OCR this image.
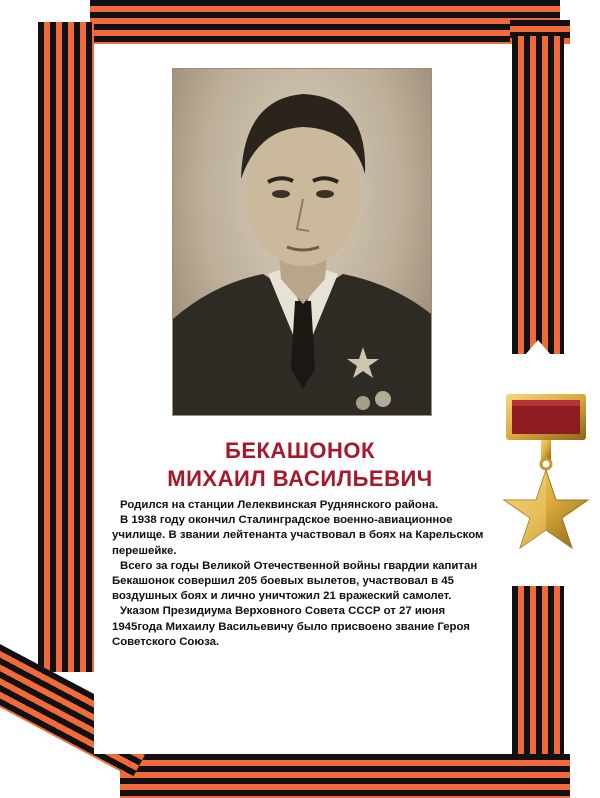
БЕКАШОНОК
МИХАИЛ ВАСИЛЬЕВИЧ

Родился на станции Лелеквинская Руднянского района.

В 1938 году окончил Сталинградское военно-авиационное училище. В звании лейтенанта участвовал в боях на Карельском перешейке.

Всего за годы Великой Отечественной войны гвардии капитан Бекашонок совершил 205 боевых вылетов, участвовал в 45 воздушных боях и лично уничтожил 21 вражеский самолет.

Указом Президиума Верховного Совета СССР от 27 июня 1945года Михаилу Васильевичу было присвоено звание Героя Советского Союза.
